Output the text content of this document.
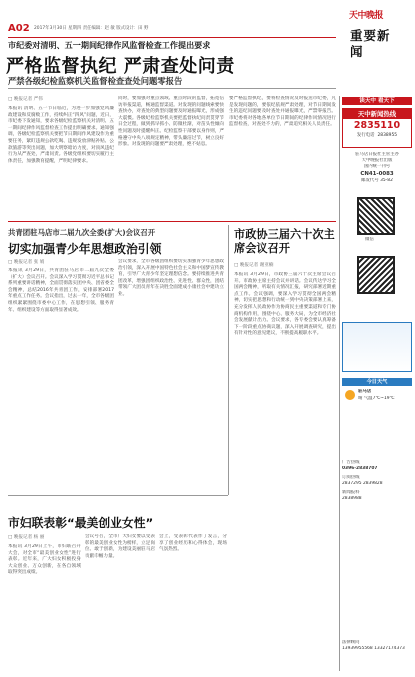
A02 2017年3月30日 星期四 责任编辑：赵 敏 版式设计：田 野
天中晚报
重要新闻
市纪委对清明、五一期间纪律作风监督检查工作提出要求
严格监督执纪 严肃查处问责
严禁各级纪检监察机关监督检查查处问题零报告
□ 晚报记者 严伟
本报讯 清明、五一节日临近，为进一步加强党风廉政建设和反腐败工作，持续纠正“四风”问题，近日，市纪委下发通知，要求各级纪检监察机关对清明、五一期间纪律作风监督检查工作提出明确要求。通知强调，各级纪检监察机关要把节日期间作风建设作为重要任务，紧盯违规公款吃喝、违规发放津贴补贴、公款旅游等突出问题，加大明察暗访力度，对顶风违纪行为从严查处，严肃问责。各级党组织要切实履行主体责任，加强教育提醒，严明纪律要求。
同时，要加强对重点领域、重点时段的监督，拓宽信访举报渠道，畅通监督渠道。对发现的问题线索要快查快办，对查处的典型问题要及时通报曝光，形成强大震慑。各级纪检监察机关要把监督执纪问责贯穿节日全过程，做到抓早抓小、防微杜渐，对苗头性倾向性问题及时提醒纠正。纪检监察干部要以身作则，严格遵守中央八项规定精神，带头廉洁过节，树立良好形象。对发现的问题要严肃处理，绝不姑息。
要严格监督执纪，要将检查情况及时报送市纪委，凡是发现问题的，要依纪依规严肃处理，对节日期间发生的违纪问题要及时查处并通报曝光，严禁零报告。市纪委将对各地各单位节日期间的纪律作风情况进行监督检查，对查处不力的，严肃追究相关人员责任。
共青团驻马店市二届九次全委(扩大)会议召开
切实加强青少年思想政治引领
□ 晚报记者 张 娟
本报讯 3月29日，共青团驻马店市二届九次全委（扩大）会议召开。会议深入学习贯彻习近平总书记系列重要讲话精神，全面贯彻落实团中央、团省委全会精神，总结2016年共青团工作，安排部署2017年重点工作任务。会议指出，过去一年，全市各级团组织紧紧围绕市委中心工作，在思想引领、服务青年、组织建设等方面取得显著成效。
会议要求，全市各级团组织要切实加强青少年思想政治引领，深入开展中国特色社会主义和中国梦宣传教育，引导广大青少年坚定理想信念。要持续推进共青团改革，增强团组织政治性、先进性、群众性，团结带领广大团员青年在决胜全面建成小康社会中建功立业。
市政协三届六十次主席会议召开
□ 晚报记者 谢亚楠
本报讯 3月29日，市政协三届六十次主席会议召开。市政协主席主持会议并讲话。会议传达学习全国两会精神，听取有关情况汇报，研究部署近期重点工作。会议强调，要深入学习贯彻全国两会精神，切实把思想和行动统一到中央决策部署上来，充分发挥人民政协作为协商民主重要渠道和专门协商机构作用，围绕中心、服务大局，为全市经济社会发展献计出力。会议要求，各专委会要认真筹备下一阶段重点协商议题，深入开展调查研究，提出有针对性的意见建议，不断提高履职水平。
市妇联表彰“最美创业女性”
□ 晚报记者 杨 丽
本报讯 3月29日上午，市妇联召开大会，对全市“最美创业女性”进行表彰。近年来，广大妇女积极投身大众创业、万众创新，在各自领域取得突出成绩。
会议号召，全市广大妇女要以受表彰的最美创业女性为榜样，立足岗位、敢于创新，为建设美丽驻马店贡献巾帼力量。
会上，受表彰代表作了发言，分享了创业经历和心得体会，现场气氛热烈。
读天中 看天下
天中新闻热线
2835110
发行电话 2838955
驻马店日报社主管主办
天中晚报社出版
国内统一刊号
CN41-0083
邮发代号 35-82
微信
今日天气
驻马店
晴 气温7℃~19℃
广告热线
0396-2838707
订阅热线
2837295 2839828
新闻报料
2838988
法律顾问
13939955568 13327174373
